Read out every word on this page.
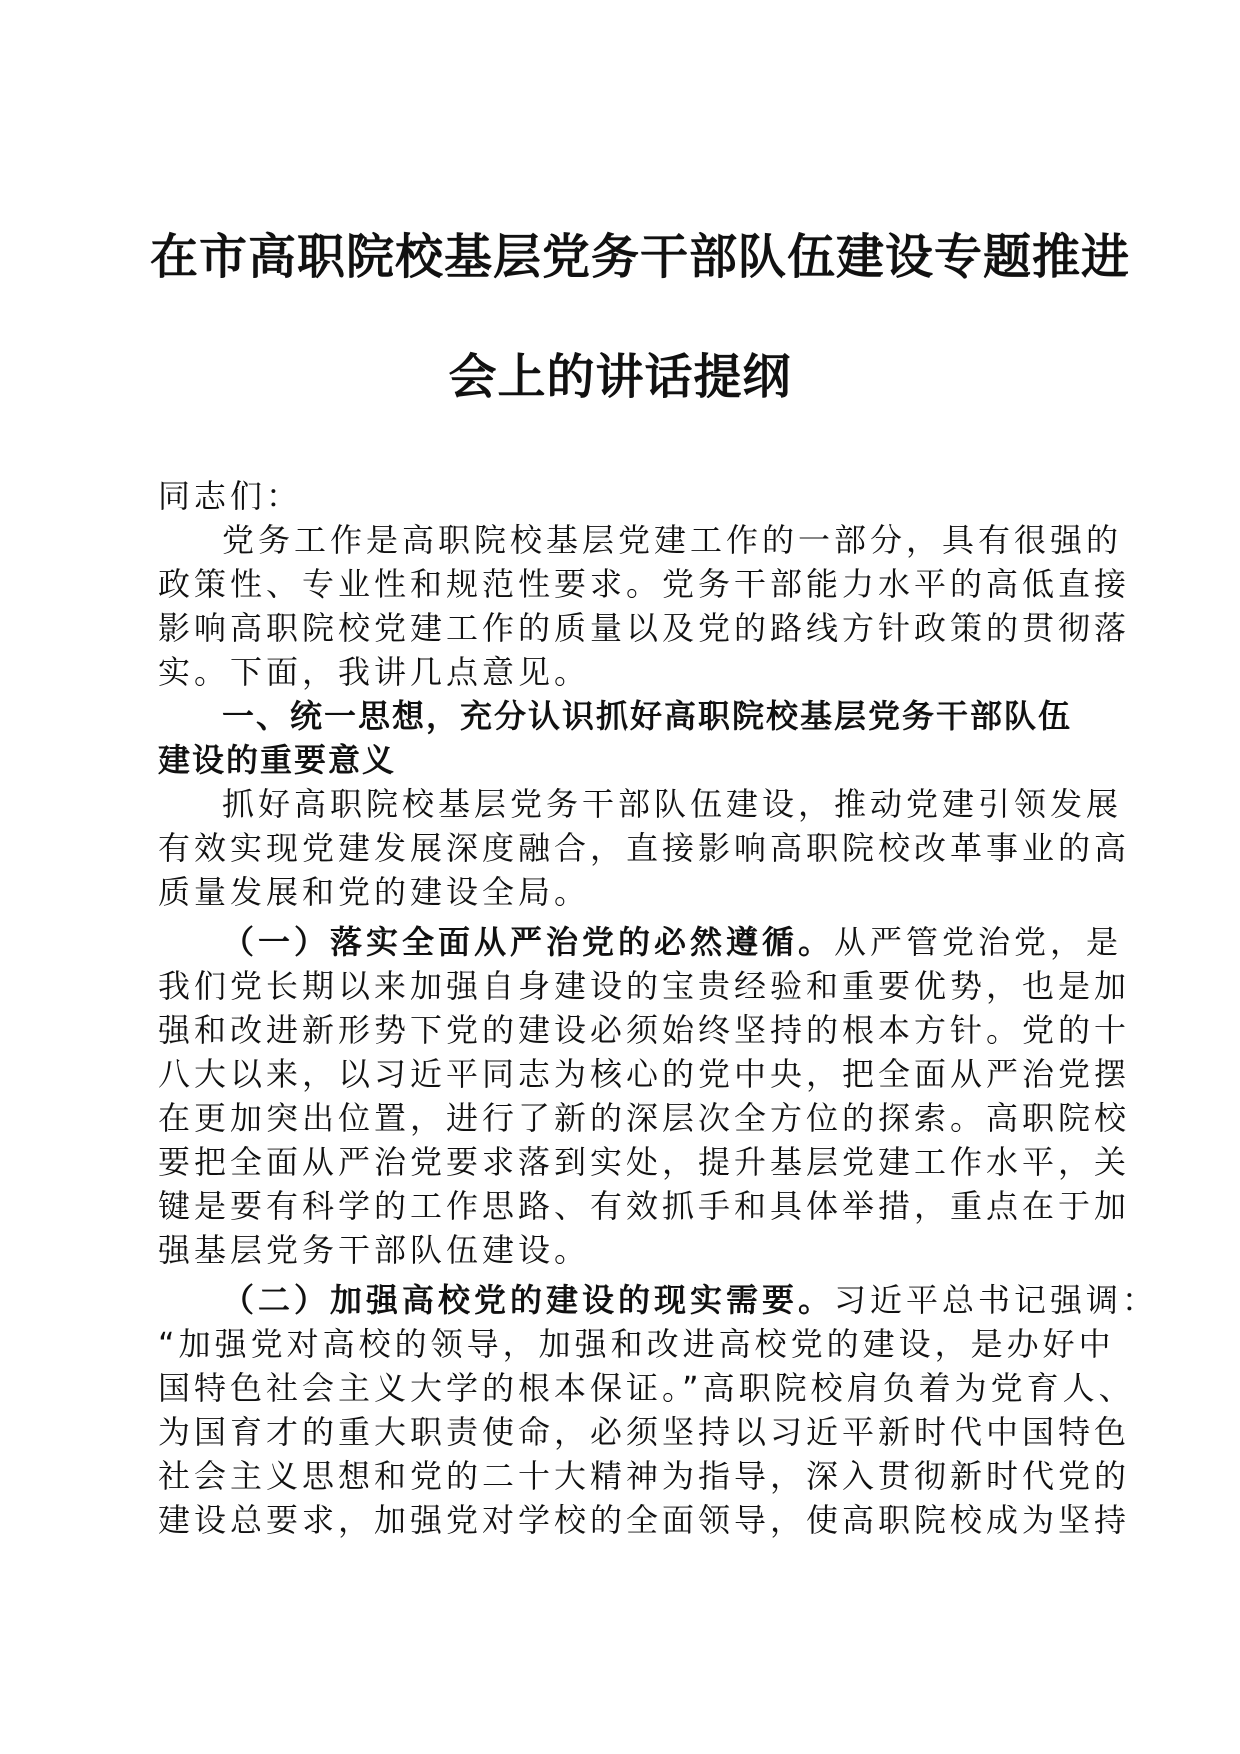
在市高职院校基层党务干部队伍建设专题推进
会上的讲话提纲
同志们：
党务工作是高职院校基层党建工作的一部分，具有很强的
政策性、专业性和规范性要求。党务干部能力水平的高低直接
影响高职院校党建工作的质量以及党的路线方针政策的贯彻落
实。下面，我讲几点意见。
一、统一思想，充分认识抓好高职院校基层党务干部队伍
建设的重要意义
抓好高职院校基层党务干部队伍建设，推动党建引领发展
有效实现党建发展深度融合，直接影响高职院校改革事业的高
质量发展和党的建设全局。
（一）落实全面从严治党的必然遵循。从严管党治党，是
我们党长期以来加强自身建设的宝贵经验和重要优势，也是加
强和改进新形势下党的建设必须始终坚持的根本方针。党的十
八大以来，以习近平同志为核心的党中央，把全面从严治党摆
在更加突出位置，进行了新的深层次全方位的探索。高职院校
要把全面从严治党要求落到实处，提升基层党建工作水平，关
键是要有科学的工作思路、有效抓手和具体举措，重点在于加
强基层党务干部队伍建设。
（二）加强高校党的建设的现实需要。习近平总书记强调：
“加强党对高校的领导，加强和改进高校党的建设，是办好中
国特色社会主义大学的根本保证。”高职院校肩负着为党育人、
为国育才的重大职责使命，必须坚持以习近平新时代中国特色
社会主义思想和党的二十大精神为指导，深入贯彻新时代党的
建设总要求，加强党对学校的全面领导，使高职院校成为坚持
